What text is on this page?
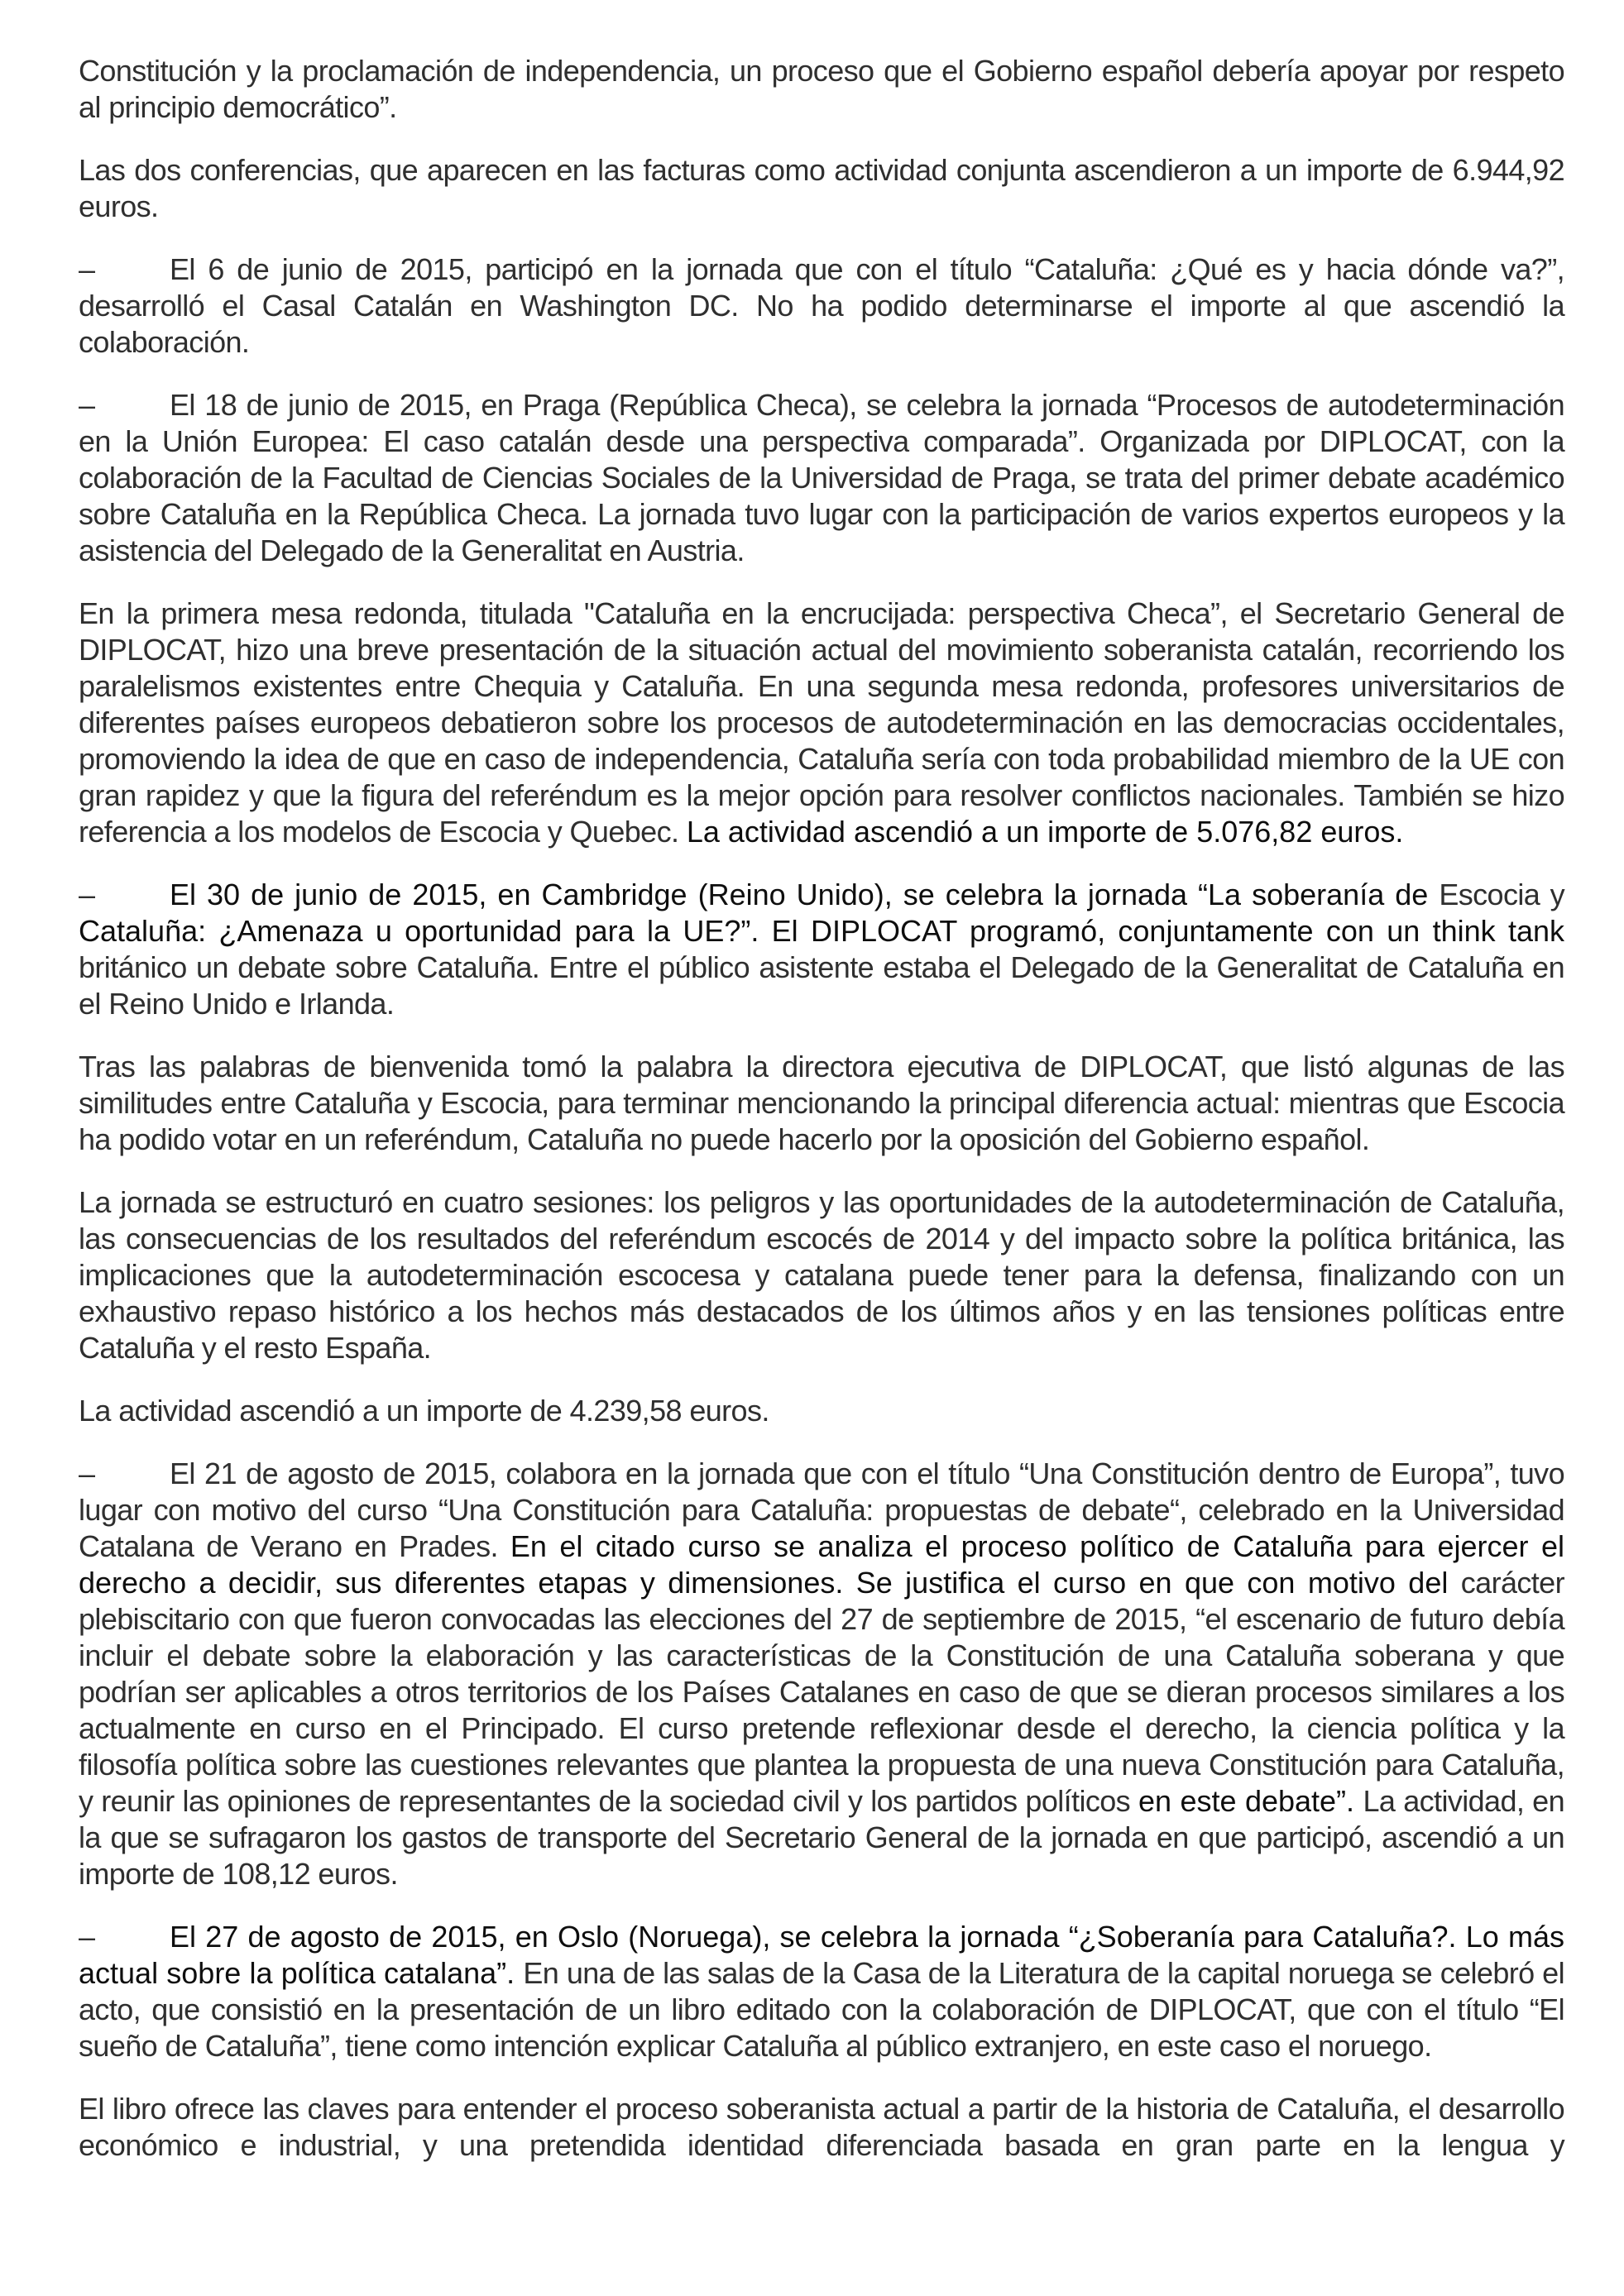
Constitución y la proclamación de independencia, un proceso que el Gobierno español debería apoyar por respeto al principio democrático”.

Las dos conferencias, que aparecen en las facturas como actividad conjunta ascendieron a un importe de 6.944,92 euros.

– El 6 de junio de 2015, participó en la jornada que con el título “Cataluña: ¿Qué es y hacia dónde va?”, desarrolló el Casal Catalán en Washington DC. No ha podido determinarse el importe al que ascendió la colaboración.

– El 18 de junio de 2015, en Praga (República Checa), se celebra la jornada “Procesos de autodeterminación en la Unión Europea: El caso catalán desde una perspectiva comparada”. Organizada por DIPLOCAT, con la colaboración de la Facultad de Ciencias Sociales de la Universidad de Praga, se trata del primer debate académico sobre Cataluña en la República Checa. La jornada tuvo lugar con la participación de varios expertos europeos y la asistencia del Delegado de la Generalitat en Austria.

En la primera mesa redonda, titulada "Cataluña en la encrucijada: perspectiva Checa”, el Secretario General de DIPLOCAT, hizo una breve presentación de la situación actual del movimiento soberanista catalán, recorriendo los paralelismos existentes entre Chequia y Cataluña. En una segunda mesa redonda, profesores universitarios de diferentes países europeos debatieron sobre los procesos de autodeterminación en las democracias occidentales, promoviendo la idea de que en caso de independencia, Cataluña sería con toda probabilidad miembro de la UE con gran rapidez y que la figura del referéndum es la mejor opción para resolver conflictos nacionales. También se hizo referencia a los modelos de Escocia y Quebec. La actividad ascendió a un importe de 5.076,82 euros.

– El 30 de junio de 2015, en Cambridge (Reino Unido), se celebra la jornada “La soberanía de Escocia y Cataluña: ¿Amenaza u oportunidad para la UE?”. El DIPLOCAT programó, conjuntamente con un think tank británico un debate sobre Cataluña. Entre el público asistente estaba el Delegado de la Generalitat de Cataluña en el Reino Unido e Irlanda.

Tras las palabras de bienvenida tomó la palabra la directora ejecutiva de DIPLOCAT, que listó algunas de las similitudes entre Cataluña y Escocia, para terminar mencionando la principal diferencia actual: mientras que Escocia ha podido votar en un referéndum, Cataluña no puede hacerlo por la oposición del Gobierno español.

La jornada se estructuró en cuatro sesiones: los peligros y las oportunidades de la autodeterminación de Cataluña, las consecuencias de los resultados del referéndum escocés de 2014 y del impacto sobre la política británica, las implicaciones que la autodeterminación escocesa y catalana puede tener para la defensa, finalizando con un exhaustivo repaso histórico a los hechos más destacados de los últimos años y en las tensiones políticas entre Cataluña y el resto España.

La actividad ascendió a un importe de 4.239,58 euros.

– El 21 de agosto de 2015, colabora en la jornada que con el título “Una Constitución dentro de Europa”, tuvo lugar con motivo del curso “Una Constitución para Cataluña: propuestas de debate“, celebrado en la Universidad Catalana de Verano en Prades. En el citado curso se analiza el proceso político de Cataluña para ejercer el derecho a decidir, sus diferentes etapas y dimensiones. Se justifica el curso en que con motivo del carácter plebiscitario con que fueron convocadas las elecciones del 27 de septiembre de 2015, “el escenario de futuro debía incluir el debate sobre la elaboración y las características de la Constitución de una Cataluña soberana y que podrían ser aplicables a otros territorios de los Países Catalanes en caso de que se dieran procesos similares a los actualmente en curso en el Principado. El curso pretende reflexionar desde el derecho, la ciencia política y la filosofía política sobre las cuestiones relevantes que plantea la propuesta de una nueva Constitución para Cataluña, y reunir las opiniones de representantes de la sociedad civil y los partidos políticos en este debate”. La actividad, en la que se sufragaron los gastos de transporte del Secretario General de la jornada en que participó, ascendió a un importe de 108,12 euros.

– El 27 de agosto de 2015, en Oslo (Noruega), se celebra la jornada “¿Soberanía para Cataluña?. Lo más actual sobre la política catalana”. En una de las salas de la Casa de la Literatura de la capital noruega se celebró el acto, que consistió en la presentación de un libro editado con la colaboración de DIPLOCAT, que con el título “El sueño de Cataluña”, tiene como intención explicar Cataluña al público extranjero, en este caso el noruego.

El libro ofrece las claves para entender el proceso soberanista actual a partir de la historia de Cataluña, el desarrollo económico e industrial, y una pretendida identidad diferenciada basada en gran parte en la lengua y
